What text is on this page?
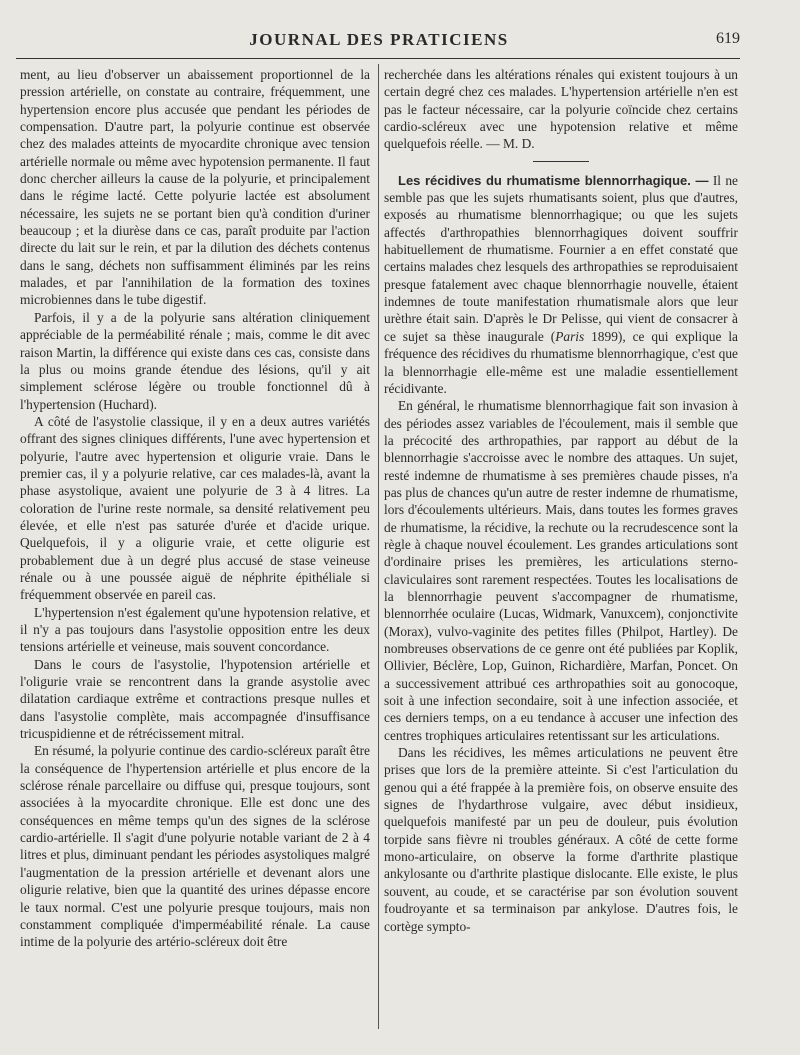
JOURNAL DES PRATICIENS	619

ment, au lieu d'observer un abaissement proportionnel de la pression artérielle, on constate au contraire, fréquemment, une hypertension encore plus accusée que pendant les périodes de compensation. D'autre part, la polyurie continue est observée chez des malades atteints de myocardite chronique avec tension artérielle normale ou même avec hypotension permanente. Il faut donc chercher ailleurs la cause de la polyurie, et principalement dans le régime lacté. Cette polyurie lactée est absolument nécessaire, les sujets ne se portant bien qu'à condition d'uriner beaucoup ; et la diurèse dans ce cas, paraît produite par l'action directe du lait sur le rein, et par la dilution des déchets contenus dans le sang, déchets non suffisamment éliminés par les reins malades, et par l'annihilation de la formation des toxines microbiennes dans le tube digestif.

Parfois, il y a de la polyurie sans altération cliniquement appréciable de la perméabilité rénale ; mais, comme le dit avec raison Martin, la différence qui existe dans ces cas, consiste dans la plus ou moins grande étendue des lésions, qu'il y ait simplement sclérose légère ou trouble fonctionnel dû à l'hypertension (Huchard).

A côté de l'asystolie classique, il y en a deux autres variétés offrant des signes cliniques différents, l'une avec hypertension et polyurie, l'autre avec hypertension et oligurie vraie. Dans le premier cas, il y a polyurie relative, car ces malades-là, avant la phase asystolique, avaient une polyurie de 3 à 4 litres. La coloration de l'urine reste normale, sa densité relativement peu élevée, et elle n'est pas saturée d'urée et d'acide urique. Quelquefois, il y a oligurie vraie, et cette oligurie est probablement due à un degré plus accusé de stase veineuse rénale ou à une poussée aiguë de néphrite épithéliale si fréquemment observée en pareil cas.

L'hypertension n'est également qu'une hypotension relative, et il n'y a pas toujours dans l'asystolie opposition entre les deux tensions artérielle et veineuse, mais souvent concordance.

Dans le cours de l'asystolie, l'hypotension artérielle et l'oligurie vraie se rencontrent dans la grande asystolie avec dilatation cardiaque extrême et contractions presque nulles et dans l'asystolie complète, mais accompagnée d'insuffisance tricuspidienne et de rétrécissement mitral.

En résumé, la polyurie continue des cardio-scléreux paraît être la conséquence de l'hypertension artérielle et plus encore de la sclérose rénale parcellaire ou diffuse qui, presque toujours, sont associées à la myocardite chronique. Elle est donc une des conséquences en même temps qu'un des signes de la sclérose cardio-artérielle. Il s'agit d'une polyurie notable variant de 2 à 4 litres et plus, diminuant pendant les périodes asystoliques malgré l'augmentation de la pression artérielle et devenant alors une oligurie relative, bien que la quantité des urines dépasse encore le taux normal. C'est une polyurie presque toujours, mais non constamment compliquée d'imperméabilité rénale. La cause intime de la polyurie des artério-scléreux doit être

recherchée dans les altérations rénales qui existent toujours à un certain degré chez ces malades. L'hypertension artérielle n'en est pas le facteur nécessaire, car la polyurie coïncide chez certains cardio-scléreux avec une hypotension relative et même quelquefois réelle. — M. D.

Les récidives du rhumatisme blennorrhagique. — Il ne semble pas que les sujets rhumatisants soient, plus que d'autres, exposés au rhumatisme blennorrhagique; ou que les sujets affectés d'arthropathies blennorrhagiques doivent souffrir habituellement de rhumatisme. Fournier a en effet constaté que certains malades chez lesquels des arthropathies se reproduisaient presque fatalement avec chaque blennorrhagie nouvelle, étaient indemnes de toute manifestation rhumatismale alors que leur urèthre était sain. D'après le Dr Pelisse, qui vient de consacrer à ce sujet sa thèse inaugurale (Paris 1899), ce qui explique la fréquence des récidives du rhumatisme blennorrhagique, c'est que la blennorrhagie elle-même est une maladie essentiellement récidivante.

En général, le rhumatisme blennorrhagique fait son invasion à des périodes assez variables de l'écoulement, mais il semble que la précocité des arthropathies, par rapport au début de la blennorrhagie s'accroisse avec le nombre des attaques. Un sujet, resté indemne de rhumatisme à ses premières chaude pisses, n'a pas plus de chances qu'un autre de rester indemne de rhumatisme, lors d'écoulements ultérieurs. Mais, dans toutes les formes graves de rhumatisme, la récidive, la rechute ou la recrudescence sont la règle à chaque nouvel écoulement. Les grandes articulations sont d'ordinaire prises les premières, les articulations sterno-claviculaires sont rarement respectées. Toutes les localisations de la blennorrhagie peuvent s'accompagner de rhumatisme, blennorrhée oculaire (Lucas, Widmark, Vanuxcem), conjonctivite (Morax), vulvo-vaginite des petites filles (Philpot, Hartley). De nombreuses observations de ce genre ont été publiées par Koplik, Ollivier, Béclère, Lop, Guinon, Richardière, Marfan, Poncet. On a successivement attribué ces arthropathies soit au gonocoque, soit à une infection secondaire, soit à une infection associée, et ces derniers temps, on a eu tendance à accuser une infection des centres trophiques articulaires retentissant sur les articulations.

Dans les récidives, les mêmes articulations ne peuvent être prises que lors de la première atteinte. Si c'est l'articulation du genou qui a été frappée à la première fois, on observe ensuite des signes de l'hydarthrose vulgaire, avec début insidieux, quelquefois manifesté par un peu de douleur, puis évolution torpide sans fièvre ni troubles généraux. A côté de cette forme mono-articulaire, on observe la forme d'arthrite plastique ankylosante ou d'arthrite plastique dislocante. Elle existe, le plus souvent, au coude, et se caractérise par son évolution souvent foudroyante et sa terminaison par ankylose. D'autres fois, le cortège sympto-
